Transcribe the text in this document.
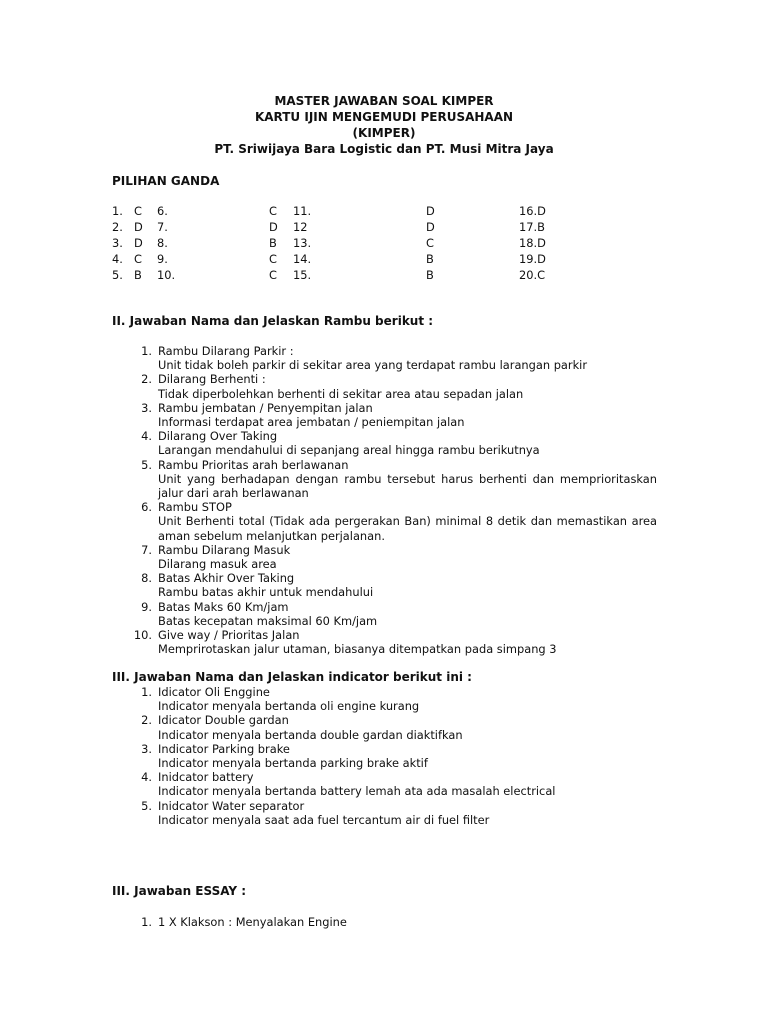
MASTER JAWABAN SOAL KIMPER
KARTU IJIN MENGEMUDI PERUSAHAAN
(KIMPER)
PT. Sriwijaya Bara Logistic dan PT. Musi Mitra Jaya
PILIHAN GANDA
1. C 6.	C 11.	D	16.D
2. D 7.	D 12	D	17.B
3. D 8.	B 13.	C	18.D
4. C 9.	C 14.	B	19.D
5. B 10.	C 15.	B	20.C
II. Jawaban Nama dan Jelaskan Rambu berikut :
1. Rambu Dilarang Parkir :
Unit tidak boleh parkir di sekitar area yang terdapat rambu larangan parkir
2. Dilarang Berhenti :
Tidak diperbolehkan berhenti di sekitar area atau sepadan jalan
3. Rambu jembatan / Penyempitan jalan
Informasi terdapat area jembatan / peniempitan jalan
4. Dilarang Over Taking
Larangan mendahului di sepanjang areal hingga rambu berikutnya
5. Rambu Prioritas arah berlawanan
Unit yang berhadapan dengan rambu tersebut harus berhenti dan memprioritaskan jalur dari arah berlawanan
6. Rambu STOP
Unit Berhenti total (Tidak ada pergerakan Ban) minimal 8 detik dan memastikan area aman sebelum melanjutkan perjalanan.
7. Rambu Dilarang Masuk
Dilarang masuk area
8. Batas Akhir Over Taking
Rambu batas akhir untuk mendahului
9. Batas Maks 60 Km/jam
Batas kecepatan maksimal 60 Km/jam
10. Give way / Prioritas Jalan
Memprirotaskan jalur utaman, biasanya ditempatkan pada simpang 3
III. Jawaban Nama dan Jelaskan indicator berikut ini :
1. Idicator Oli Enggine
Indicator menyala bertanda oli engine kurang
2. Idicator Double gardan
Indicator menyala bertanda double gardan diaktifkan
3. Indicator Parking brake
Indicator menyala bertanda parking brake aktif
4. Inidcator battery
Indicator menyala bertanda battery lemah ata ada masalah electrical
5. Inidcator Water separator
Indicator menyala saat ada fuel tercantum air di fuel filter
III. Jawaban ESSAY :
1. 1 X Klakson : Menyalakan Engine
